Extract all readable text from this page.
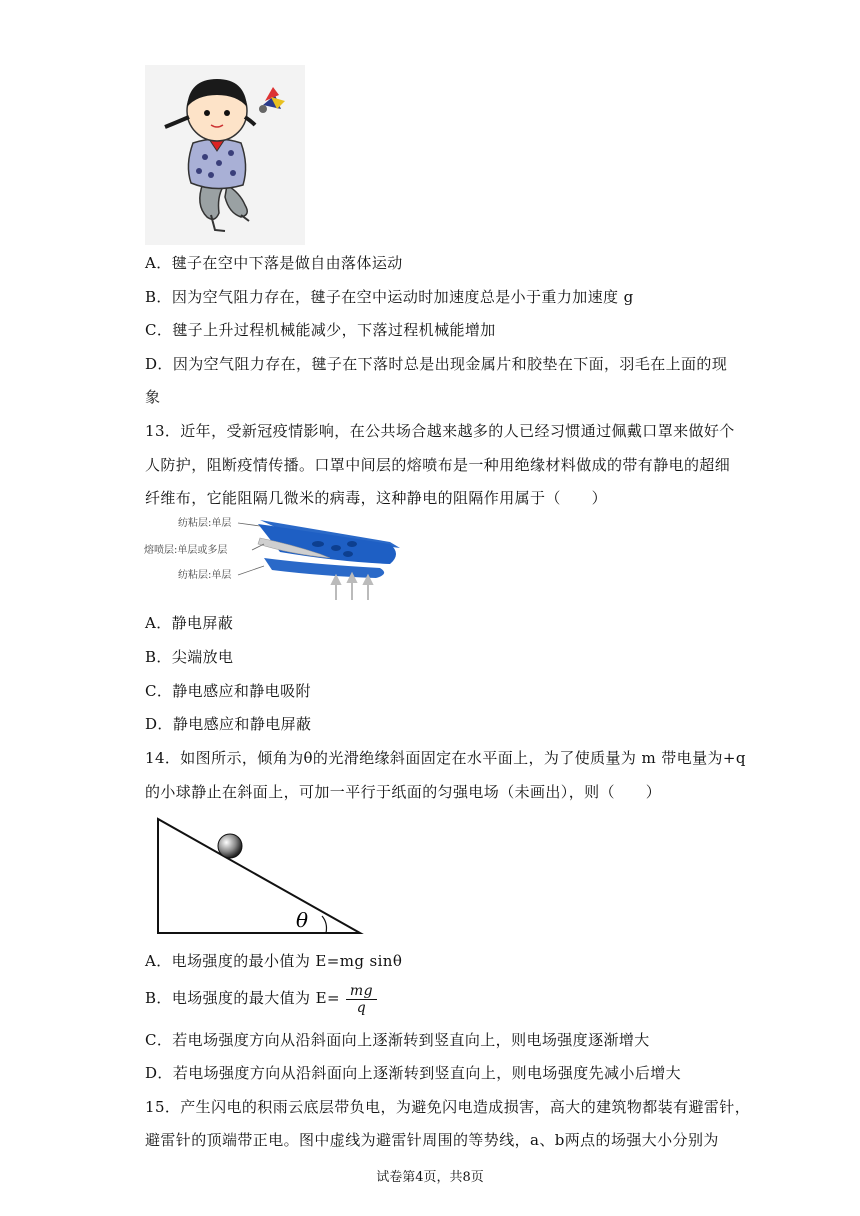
A．毽子在空中下落是做自由落体运动
B．因为空气阻力存在，毽子在空中运动时加速度总是小于重力加速度 g
C．毽子上升过程机械能减少，下落过程机械能增加
D．因为空气阻力存在，毽子在下落时总是出现金属片和胶垫在下面，羽毛在上面的现
象
13．近年，受新冠疫情影响，在公共场合越来越多的人已经习惯通过佩戴口罩来做好个
人防护，阻断疫情传播。口罩中间层的熔喷布是一种用绝缘材料做成的带有静电的超细
纤维布，它能阻隔几微米的病毒，这种静电的阻隔作用属于（　　）
纺粘层:单层
熔喷层:单层或多层
纺粘层:单层
A．静电屏蔽
B．尖端放电
C．静电感应和静电吸附
D．静电感应和静电屏蔽
14．如图所示，倾角为θ的光滑绝缘斜面固定在水平面上，为了使质量为 m 带电量为+q
的小球静止在斜面上，可加一平行于纸面的匀强电场（未画出），则（　　）
θ
A．电场强度的最小值为 E=mg sinθ
B．电场强度的最大值为 $E= \frac{mg}{q}$
C．若电场强度方向从沿斜面向上逐渐转到竖直向上，则电场强度逐渐增大
D．若电场强度方向从沿斜面向上逐渐转到竖直向上，则电场强度先减小后增大
15．产生闪电的积雨云底层带负电，为避免闪电造成损害，高大的建筑物都装有避雷针，
避雷针的顶端带正电。图中虚线为避雷针周围的等势线，a、b两点的场强大小分别为
试卷第4页，共8页
